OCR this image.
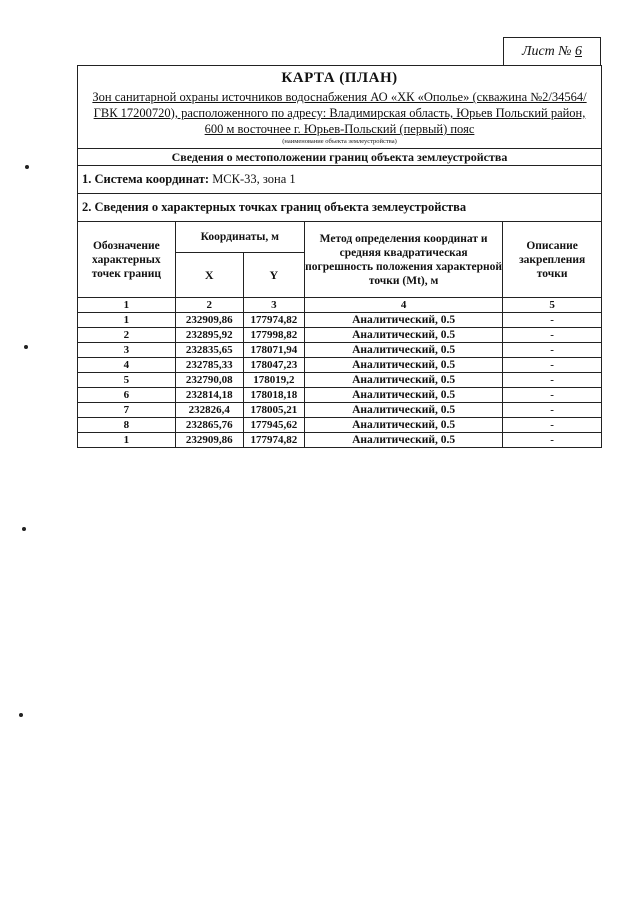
Лист № 6
КАРТА (ПЛАН)
Зон санитарной охраны источников водоснабжения АО «ХК «Ополье» (скважина №2/34564/ГВК 17200720), расположенного по адресу: Владимирская область, Юрьев Польский район, 600 м восточнее г. Юрьев-Польский (первый) пояс
(наименование объекта землеустройства)
Сведения о местоположении границ объекта землеустройства
1. Система координат: МСК-33, зона 1
2. Сведения о характерных точках границ объекта землеустройства
Обозначение характерных точек границ	Координаты, м		Метод определения координат и средняя квадратическая погрешность положения характерной точки (Mt), м	Описание закрепления точки
	X	Y		
1	2	3	4	5
1	232909,86	177974,82	Аналитический, 0.5	-
2	232895,92	177998,82	Аналитический, 0.5	-
3	232835,65	178071,94	Аналитический, 0.5	-
4	232785,33	178047,23	Аналитический, 0.5	-
5	232790,08	178019,2	Аналитический, 0.5	-
6	232814,18	178018,18	Аналитический, 0.5	-
7	232826,4	178005,21	Аналитический, 0.5	-
8	232865,76	177945,62	Аналитический, 0.5	-
1	232909,86	177974,82	Аналитический, 0.5	-
